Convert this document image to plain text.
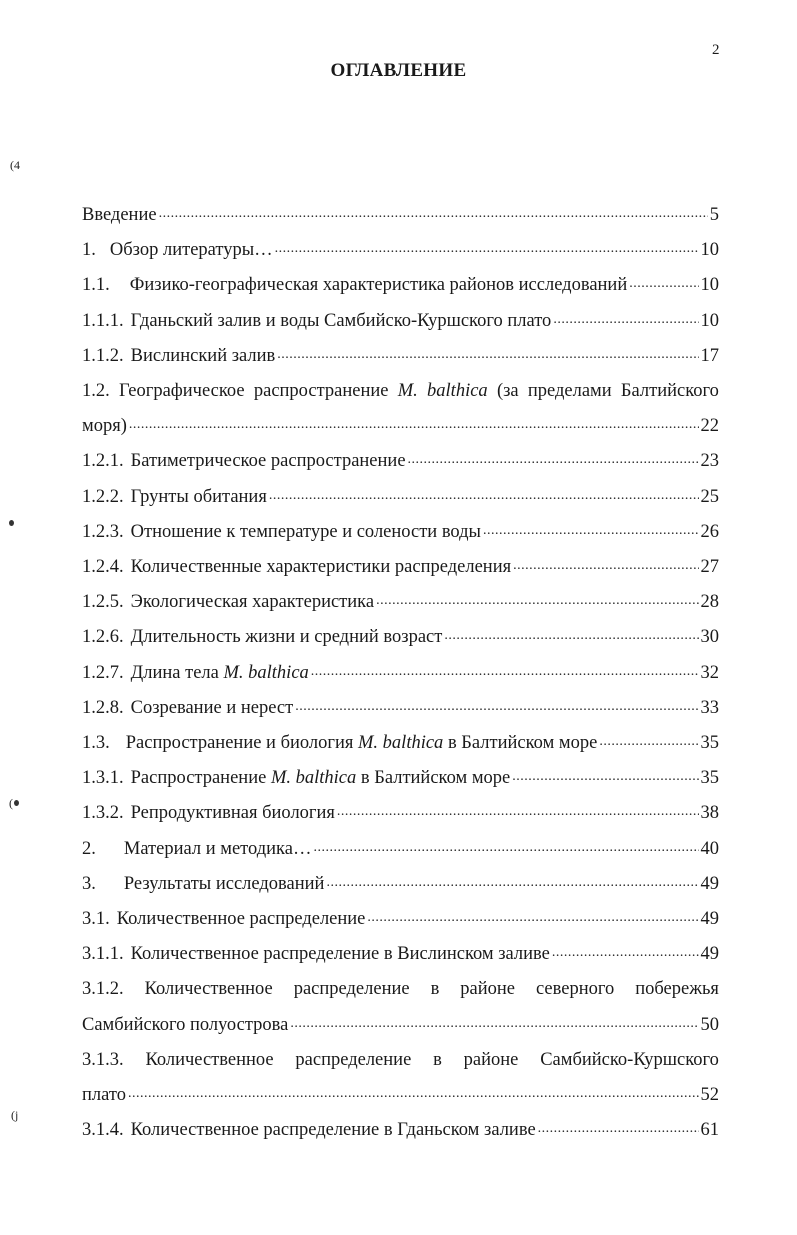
2
ОГЛАВЛЕНИЕ
(4
(
(j
Введение .....	5
1. Обзор литературы… .....	10
1.1. Физико-географическая характеристика районов исследований .....	10
1.1.1. Гданьский залив и воды Самбийско-Куршского плато .....	10
1.1.2. Вислинский залив .....	17
1.2. Географическое распространение M. balthica (за пределами Балтийского
моря) .....	22
1.2.1. Батиметрическое распространение .....	23
1.2.2. Грунты обитания .....	25
1.2.3. Отношение к температуре и солености воды .....	26
1.2.4. Количественные характеристики распределения .....	27
1.2.5. Экологическая характеристика .....	28
1.2.6. Длительность жизни и средний возраст .....	30
1.2.7. Длина тела M. balthica .....	32
1.2.8. Созревание и нерест .....	33
1.3. Распространение и биология M. balthica в Балтийском море .....	35
1.3.1. Распространение M. balthica в Балтийском море .....	35
1.3.2. Репродуктивная биология .....	38
2. Материал и методика… .....	40
3. Результаты исследований .....	49
3.1. Количественное распределение .....	49
3.1.1. Количественное распределение в Вислинском заливе .....	49
3.1.2. Количественное распределение в районе северного побережья
Самбийского полуострова .....	50
3.1.3. Количественное распределение в районе Самбийско-Куршского
плато .....	52
3.1.4. Количественное распределение в Гданьском заливе .....	61
